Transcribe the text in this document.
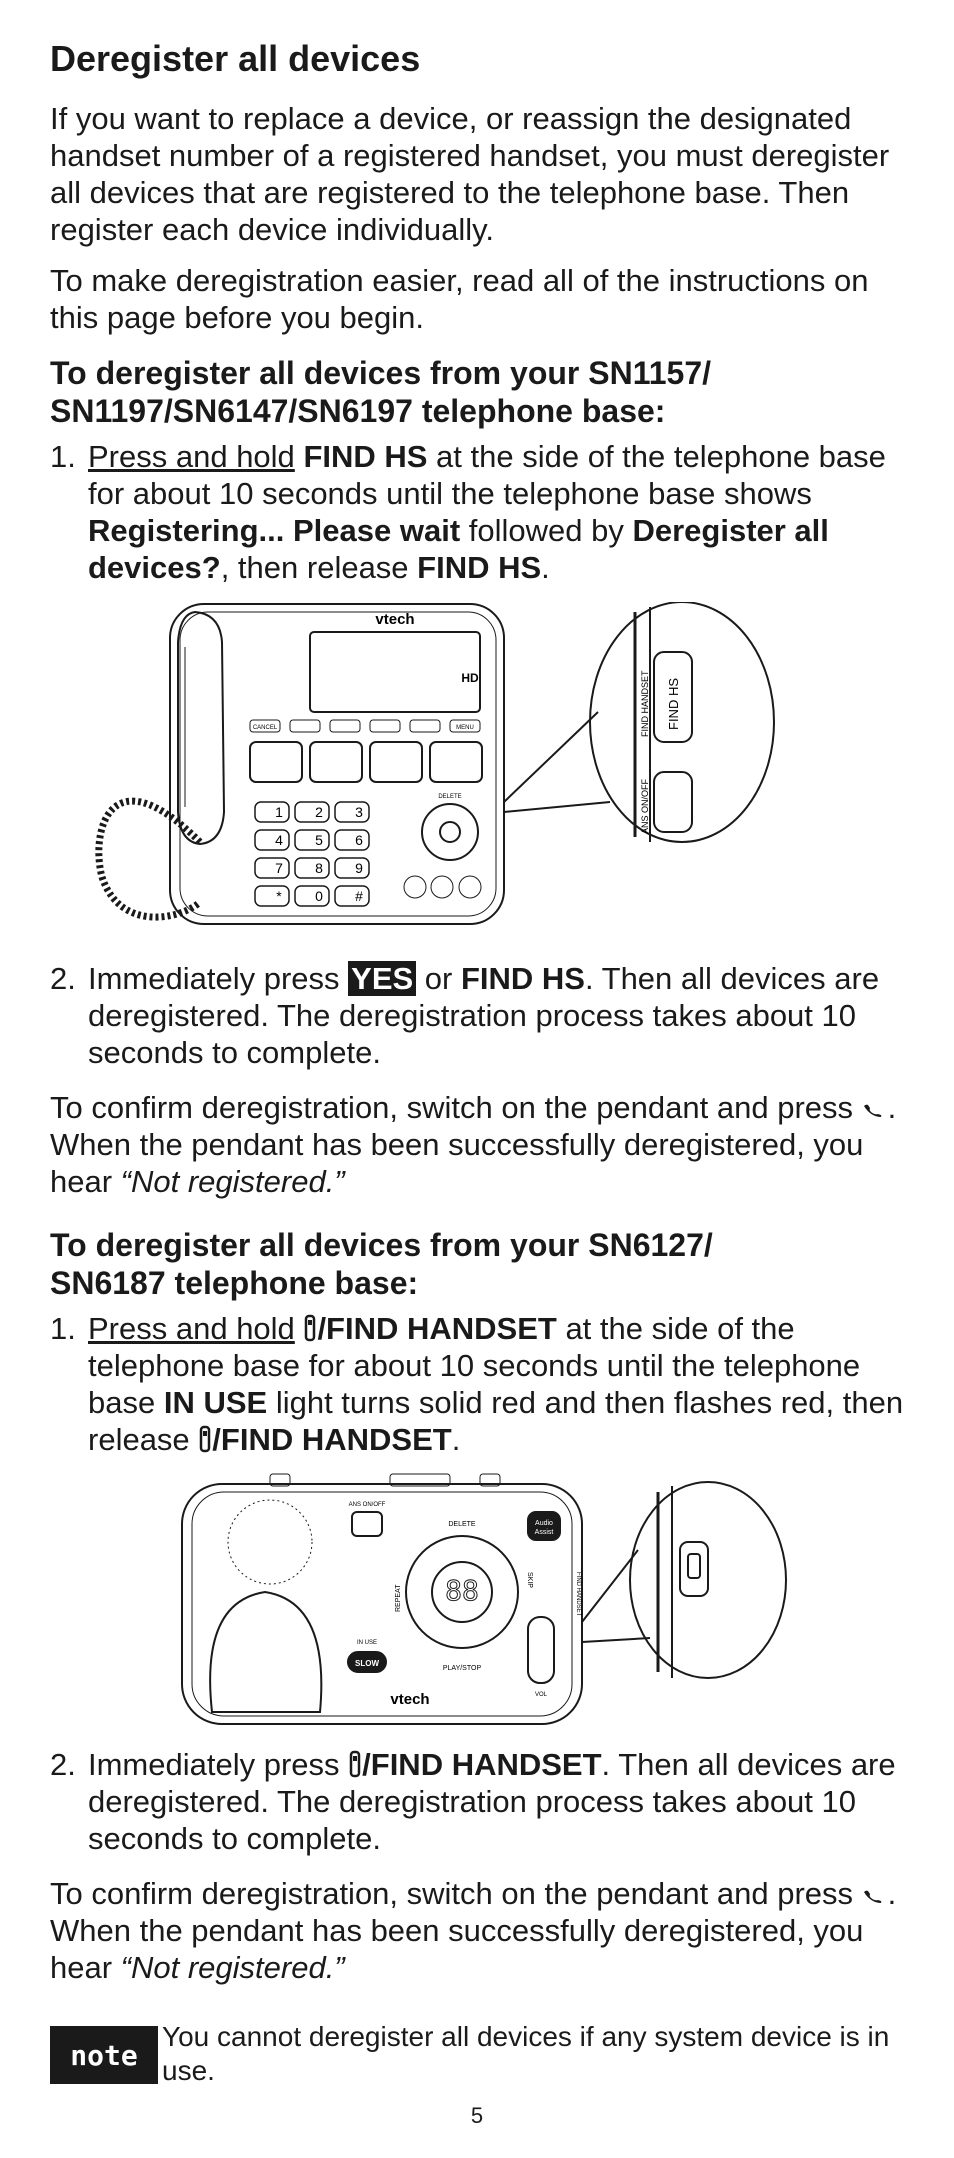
Deregister all devices

If you want to replace a device, or reassign the designated handset number of a registered handset, you must deregister all devices that are registered to the telephone base. Then register each device individually.

To make deregistration easier, read all of the instructions on this page before you begin.

To deregister all devices from your SN1157/
SN1197/SN6147/SN6197 telephone base:
1. Press and hold FIND HS at the side of the telephone base for about 10 seconds until the telephone base shows Registering... Please wait followed by Deregister all devices?, then release FIND HS.
1 2 3
4 5 6
7 8 9
* 0 #
vtech
HD
CANCEL	MENU
DELETE
FIND HANDSET FIND HS
ANS ON/OFF
2. Immediately press YES or FIND HS. Then all devices are deregistered. The deregistration process takes about 10 seconds to complete.

To confirm deregistration, switch on the pendant and press . When the pendant has been successfully deregistered, you hear “Not registered.”

To deregister all devices from your SN6127/
SN6187 telephone base:
1. Press and hold /FIND HANDSET at the side of the telephone base for about 10 seconds until the telephone base IN USE light turns solid red and then flashes red, then release /FIND HANDSET.
88
ANS ON/OFF
DELETE	Audio
Assist
REPEAT
SKIP
IN USE
SLOW
PLAY/STOP
VOL
vtech
FIND HANDSET
2. Immediately press /FIND HANDSET. Then all devices are deregistered. The deregistration process takes about 10 seconds to complete.

To confirm deregistration, switch on the pendant and press . When the pendant has been successfully deregistered, you hear “Not registered.”

note
You cannot deregister all devices if any system device is in use.
5
